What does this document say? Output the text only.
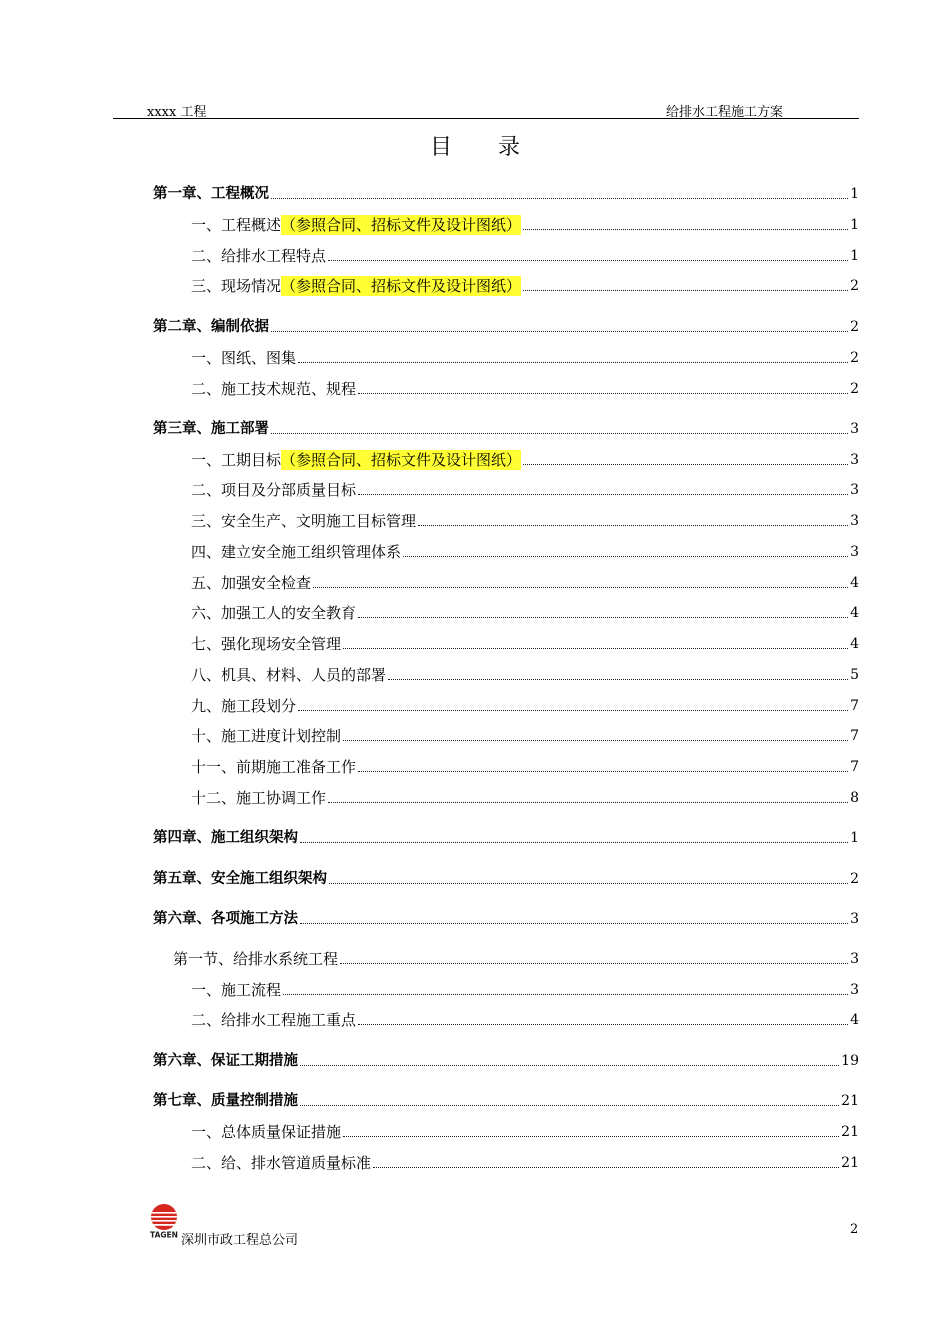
xxxx 工程	给排水工程施工方案
目 录
第一章、工程概况	1
一、工程概述 （参照合同、招标文件及设计图纸）	1
二、给排水工程特点	1
三、现场情况 （参照合同、招标文件及设计图纸）	2
第二章、编制依据	2
一、图纸、图集	2
二、施工技术规范、规程	2
第三章、施工部署	3
一、工期目标 （参照合同、招标文件及设计图纸）	3
二、项目及分部质量目标	3
三、安全生产、文明施工目标管理	3
四、建立安全施工组织管理体系	3
五、加强安全检查	4
六、加强工人的安全教育	4
七、强化现场安全管理	4
八、机具、材料、人员的部署	5
九、施工段划分	7
十、施工进度计划控制	7
十一、前期施工准备工作	7
十二、施工协调工作	8
第四章、施工组织架构	1
第五章、安全施工组织架构	2
第六章、各项施工方法	3
第一节、给排水系统工程	3
一、施工流程	3
二、给排水工程施工重点	4
第六章、保证工期措施	19
第七章、质量控制措施	21
一、总体质量保证措施	21
二、给、排水管道质量标准	21
TAGEN 深圳市政工程总公司
2
